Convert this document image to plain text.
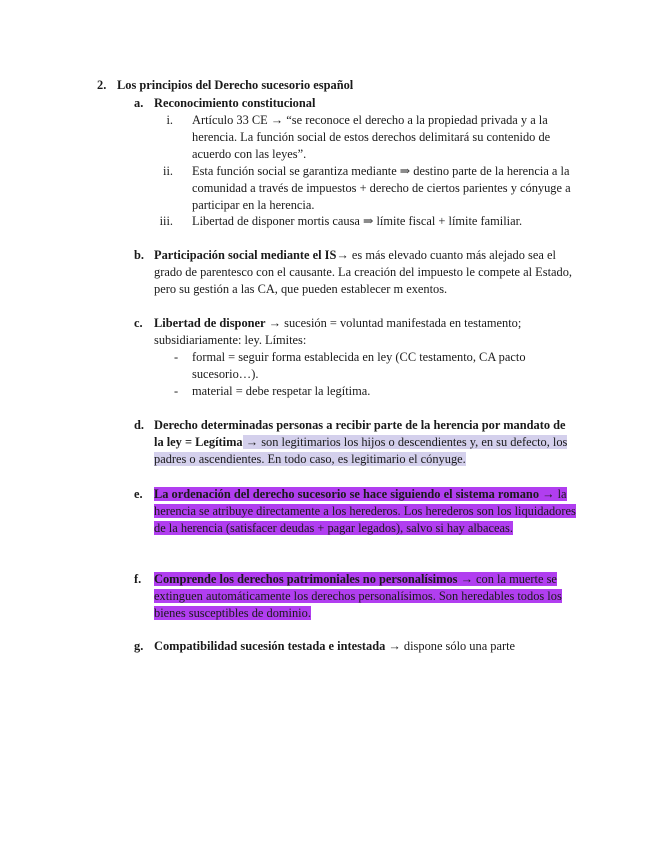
2. Los principios del Derecho sucesorio español
a. Reconocimiento constitucional
i. Artículo 33 CE → “se reconoce el derecho a la propiedad privada y a la herencia. La función social de estos derechos delimitará su contenido de acuerdo con las leyes”.
ii. Esta función social se garantiza mediante ⇒ destino parte de la herencia a la comunidad a través de impuestos + derecho de ciertos parientes y cónyuge a participar en la herencia.
iii. Libertad de disponer mortis causa ⇒ límite fiscal + límite familiar.
b. Participación social mediante el IS→ es más elevado cuanto más alejado sea el grado de parentesco con el causante. La creación del impuesto le compete al Estado, pero su gestión a las CA, que pueden establecer m exentos.
c. Libertad de disponer → sucesión = voluntad manifestada en testamento; subsidiariamente: ley. Límites:
- formal = seguir forma establecida en ley (CC testamento, CA pacto sucesorio…).
- material = debe respetar la legítima.
d. Derecho determinadas personas a recibir parte de la herencia por mandato de la ley = Legítima → son legitimarios los hijos o descendientes y, en su defecto, los padres o ascendientes. En todo caso, es legitimario el cónyuge.
e. La ordenación del derecho sucesorio se hace siguiendo el sistema romano → la herencia se atribuye directamente a los herederos. Los herederos son los liquidadores de la herencia (satisfacer deudas + pagar legados), salvo si hay albaceas.
f. Comprende los derechos patrimoniales no personalísimos → con la muerte se extinguen automáticamente los derechos personalísimos. Son heredables todos los bienes susceptibles de dominio.
g. Compatibilidad sucesión testada e intestada → dispone sólo una parte
